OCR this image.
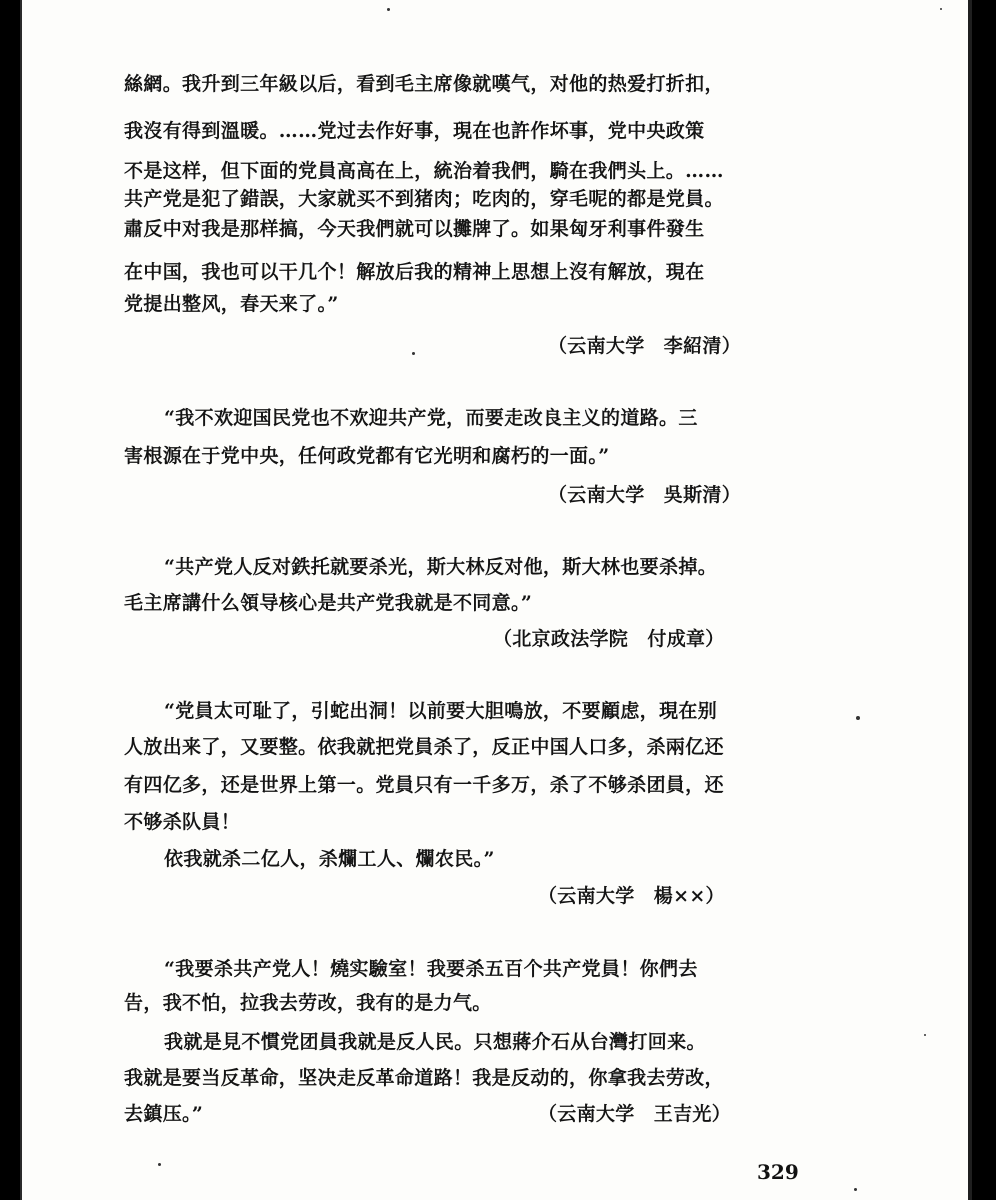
絲網。我升到三年級以后，看到毛主席像就嘆气，对他的热爱打折扣，
我沒有得到溫暖。……党过去作好事，現在也許作坏事，党中央政策
不是这样，但下面的党員高高在上，統治着我們，騎在我們头上。……
共产党是犯了錯誤，大家就买不到猪肉；吃肉的，穿毛呢的都是党員。
肅反中对我是那样搞，今天我們就可以攤牌了。如果匈牙利事件發生
在中国，我也可以干几个！解放后我的精神上思想上沒有解放，現在
党提出整风，春天来了。”
（云南大学　李紹清）
“我不欢迎国民党也不欢迎共产党，而要走改良主义的道路。三
害根源在于党中央，任何政党都有它光明和腐朽的一面。”
（云南大学　吳斯清）
“共产党人反对鉄托就要杀光，斯大林反对他，斯大林也要杀掉。
毛主席講什么領导核心是共产党我就是不同意。”
（北京政法学院　付成章）
“党員太可耻了，引蛇出洞！以前要大胆鳴放，不要顧虑，現在别
人放出来了，又要整。依我就把党員杀了，反正中国人口多，杀兩亿还
有四亿多，还是世界上第一。党員只有一千多万，杀了不够杀团員，还
不够杀队員！
依我就杀二亿人，杀爛工人、爛农民。”
（云南大学　楊××）
“我要杀共产党人！燒实驗室！我要杀五百个共产党員！你們去
告，我不怕，拉我去劳改，我有的是力气。
我就是見不慣党团員我就是反人民。只想蔣介石从台灣打回来。
我就是要当反革命，坚决走反革命道路！我是反动的，你拿我去劳改，
去鎮压。”	（云南大学　王吉光）
329
